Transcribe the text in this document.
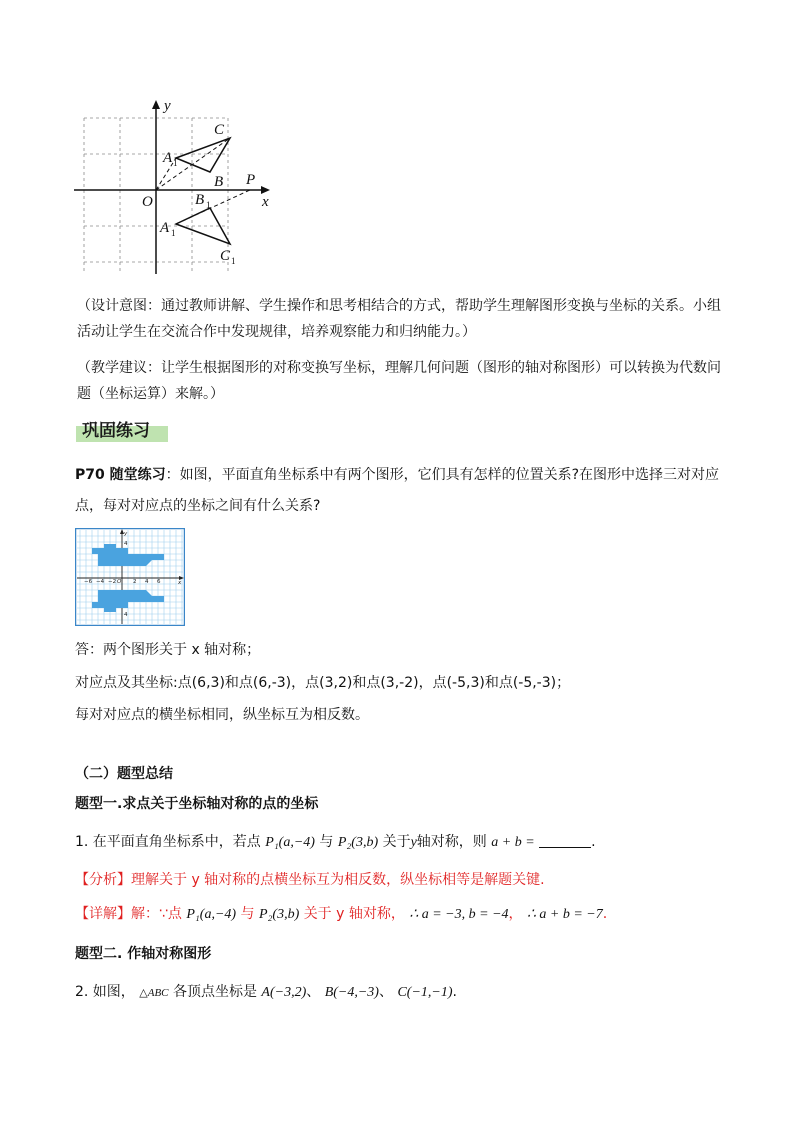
y
x
O
A
B
C
P
B
A
C
1
1
1
1
（设计意图：通过教师讲解、学生操作和思考相结合的方式，帮助学生理解图形变换与坐标的关系。小组
活动让学生在交流合作中发现规律，培养观察能力和归纳能力。）
（教学建议：让学生根据图形的对称变换写坐标，理解几何问题（图形的轴对称图形）可以转换为代数问
题（坐标运算）来解。）
巩固练习
P70 随堂练习：如图，平面直角坐标系中有两个图形，它们具有怎样的位置关系?在图形中选择三对对应
点，每对对应点的坐标之间有什么关系?
−6 −4 −2 O 2 4 6
4
4
x
y
答：两个图形关于 x 轴对称；
对应点及其坐标:点(6,3)和点(6,-3)，点(3,2)和点(3,-2)，点(-5,3)和点(-5,-3)；
每对对应点的横坐标相同，纵坐标互为相反数。
（二）题型总结
题型一.求点关于坐标轴对称的点的坐标
1. 在平面直角坐标系中，若点 P₁(a,−4) 与 P₂(3,b) 关于y轴对称，则 a + b =	.
【分析】理解关于 y 轴对称的点横坐标互为相反数，纵坐标相等是解题关键.
【详解】解：∵点 P₁(a,−4) 与 P₂(3,b) 关于 y 轴对称， ∴ a = −3, b = −4， ∴ a + b = −7.
题型二. 作轴对称图形
2. 如图， △ABC 各顶点坐标是 A(−3,2)、 B(−4,−3)、 C(−1,−1).
